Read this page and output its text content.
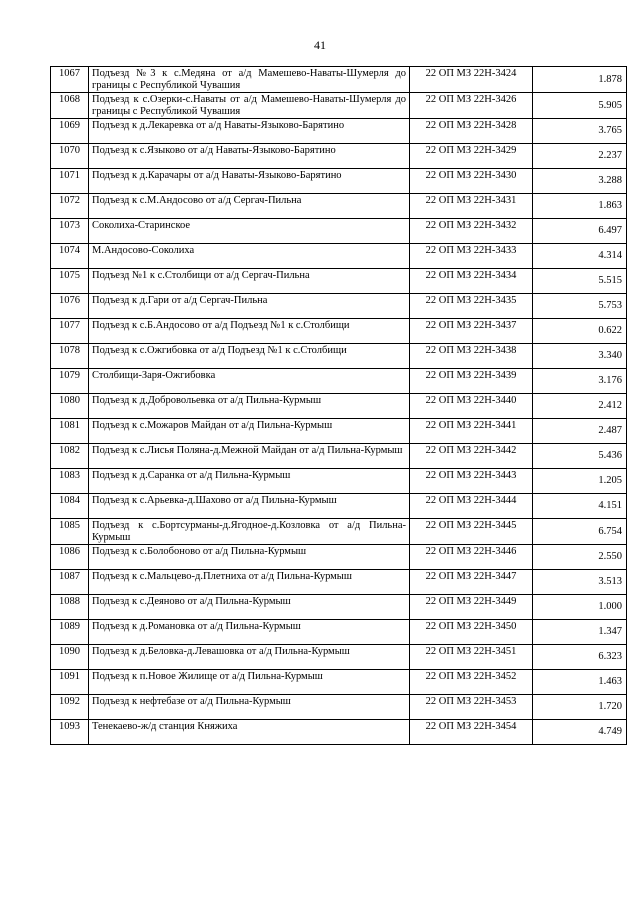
41
1067	Подъезд №3 к с.Медяна от а/д Мамешево-Наваты-Шумерля до границы с Республикой Чувашия	22 ОП МЗ 22Н-3424	1.878
1068	Подъезд к с.Озерки-с.Наваты от а/д Мамешево-Наваты-Шумерля до границы с Республикой Чувашия	22 ОП МЗ 22Н-3426	5.905
1069	Подъезд к д.Лекаревка от а/д Наваты-Языково-Барятино	22 ОП МЗ 22Н-3428	3.765
1070	Подъезд к с.Языково от а/д Наваты-Языково-Барятино	22 ОП МЗ 22Н-3429	2.237
1071	Подъезд к д.Карачары от а/д Наваты-Языково-Барятино	22 ОП МЗ 22Н-3430	3.288
1072	Подъезд к с.М.Андосово от а/д Сергач-Пильна	22 ОП МЗ 22Н-3431	1.863
1073	Соколиха-Старинское	22 ОП МЗ 22Н-3432	6.497
1074	М.Андосово-Соколиха	22 ОП МЗ 22Н-3433	4.314
1075	Подъезд №1 к с.Столбищи от а/д Сергач-Пильна	22 ОП МЗ 22Н-3434	5.515
1076	Подъезд к д.Гари от а/д Сергач-Пильна	22 ОП МЗ 22Н-3435	5.753
1077	Подъезд к с.Б.Андосово от а/д Подъезд №1 к с.Столбищи	22 ОП МЗ 22Н-3437	0.622
1078	Подъезд к с.Ожгибовка от а/д Подъезд №1 к с.Столбищи	22 ОП МЗ 22Н-3438	3.340
1079	Столбищи-Заря-Ожгибовка	22 ОП МЗ 22Н-3439	3.176
1080	Подъезд к д.Добровольевка от а/д Пильна-Курмыш	22 ОП МЗ 22Н-3440	2.412
1081	Подъезд к с.Можаров Майдан от а/д Пильна-Курмыш	22 ОП МЗ 22Н-3441	2.487
1082	Подъезд к с.Лисья Поляна-д.Межной Майдан от а/д Пильна-Курмыш	22 ОП МЗ 22Н-3442	5.436
1083	Подъезд к д.Саранка от а/д Пильна-Курмыш	22 ОП МЗ 22Н-3443	1.205
1084	Подъезд к с.Арьевка-д.Шахово от а/д Пильна-Курмыш	22 ОП МЗ 22Н-3444	4.151
1085	Подъезд к с.Бортсурманы-д.Ягодное-д.Козловка от а/д Пильна-Курмыш	22 ОП МЗ 22Н-3445	6.754
1086	Подъезд к с.Болобоново от а/д Пильна-Курмыш	22 ОП МЗ 22Н-3446	2.550
1087	Подъезд к с.Мальцево-д.Плетниха от а/д Пильна-Курмыш	22 ОП МЗ 22Н-3447	3.513
1088	Подъезд к с.Деяново от а/д Пильна-Курмыш	22 ОП МЗ 22Н-3449	1.000
1089	Подъезд к д.Романовка от а/д Пильна-Курмыш	22 ОП МЗ 22Н-3450	1.347
1090	Подъезд к д.Беловка-д.Левашовка от а/д Пильна-Курмыш	22 ОП МЗ 22Н-3451	6.323
1091	Подъезд к п.Новое Жилище от а/д Пильна-Курмыш	22 ОП МЗ 22Н-3452	1.463
1092	Подъезд к нефтебазе от а/д Пильна-Курмыш	22 ОП МЗ 22Н-3453	1.720
1093	Тенекаево-ж/д станция Княжиха	22 ОП МЗ 22Н-3454	4.749
